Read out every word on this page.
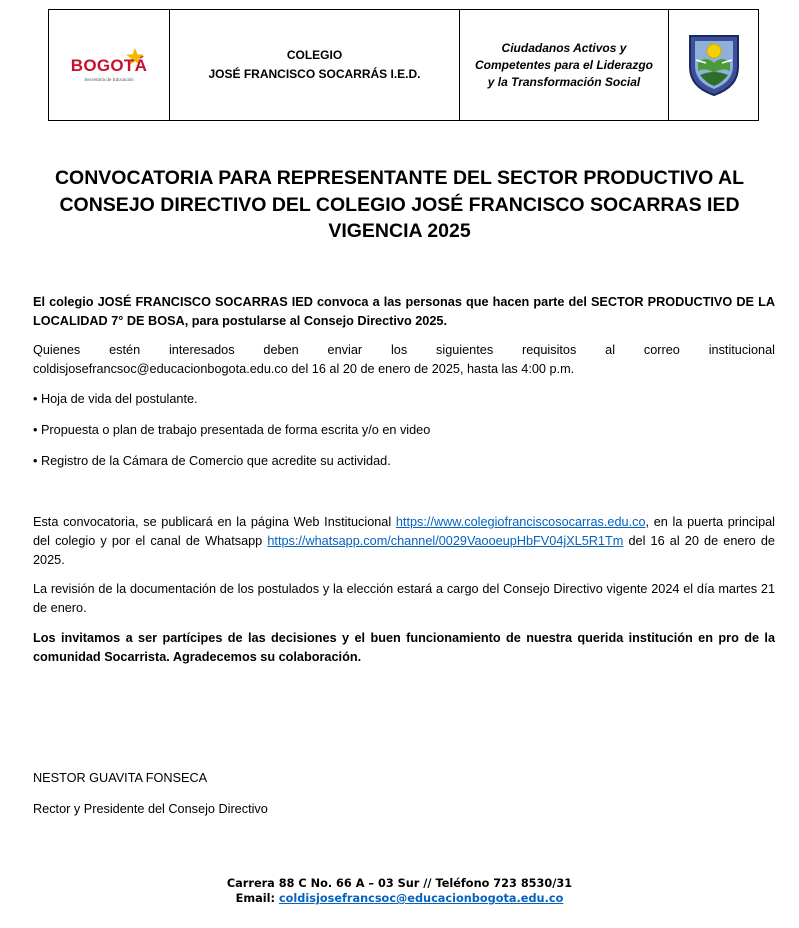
BOGOTÁ
Secretaría de Educación
COLEGIO
JOSÉ FRANCISCO SOCARRÁS I.E.D.
Ciudadanos Activos y Competentes para el Liderazgo y la Transformación Social
CONVOCATORIA PARA REPRESENTANTE DEL SECTOR PRODUCTIVO AL
CONSEJO DIRECTIVO DEL COLEGIO JOSÉ FRANCISCO SOCARRAS IED
VIGENCIA 2025
El colegio JOSÉ FRANCISCO SOCARRAS IED convoca a las personas que hacen parte del SECTOR PRODUCTIVO DE LA LOCALIDAD 7° DE BOSA, para postularse al Consejo Directivo 2025.
Quienes estén interesados deben enviar los siguientes requisitos al correo institucional coldisjosefrancsoc@educacionbogota.edu.co del 16 al 20 de enero de 2025, hasta las 4:00 p.m.
• Hoja de vida del postulante.
• Propuesta o plan de trabajo presentada de forma escrita y/o en video
• Registro de la Cámara de Comercio que acredite su actividad.
Esta convocatoria, se publicará en la página Web Institucional https://www.colegiofranciscosocarras.edu.co, en la puerta principal del colegio y por el canal de Whatsapp https://whatsapp.com/channel/0029VaooeupHbFV04jXL5R1Tm del 16 al 20 de enero de 2025.
La revisión de la documentación de los postulados y la elección estará a cargo del Consejo Directivo vigente 2024 el día martes 21 de enero.
Los invitamos a ser partícipes de las decisiones y el buen funcionamiento de nuestra querida institución en pro de la comunidad Socarrista. Agradecemos su colaboración.
NESTOR GUAVITA FONSECA
Rector y Presidente del Consejo Directivo
Carrera 88 C No. 66 A – 03 Sur // Teléfono 723 8530/31
Email: coldisjosefrancsoc@educacionbogota.edu.co
